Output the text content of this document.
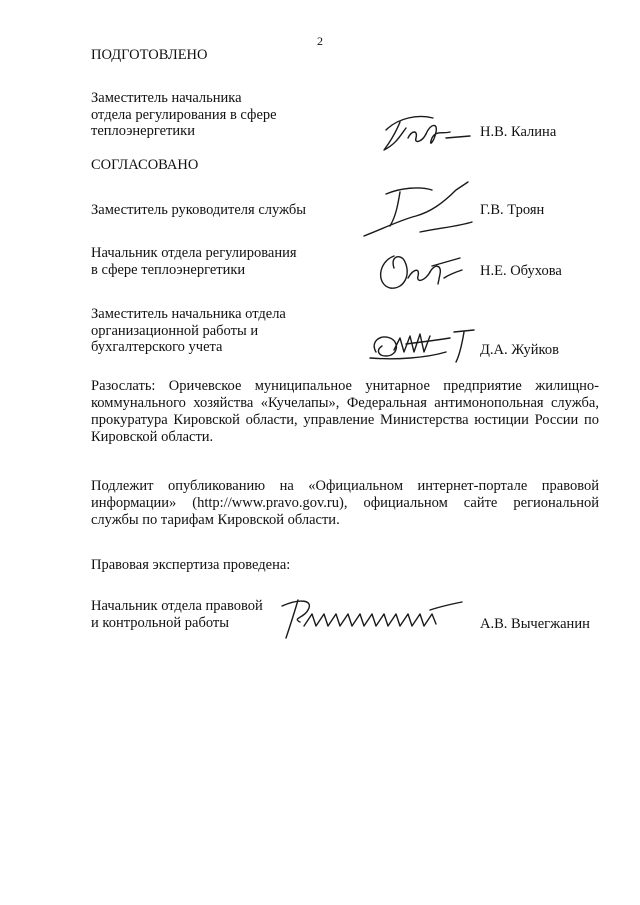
2
ПОДГОТОВЛЕНО
Заместитель начальника
отдела регулирования в сфере
теплоэнергетики	Н.В. Калина
СОГЛАСОВАНО
Заместитель руководителя службы	Г.В. Троян
Начальник отдела регулирования
в сфере теплоэнергетики	Н.Е. Обухова
Заместитель начальника отдела
организационной работы и
бухгалтерского учета	Д.А. Жуйков
Разослать: Оричевское муниципальное унитарное предприятие жилищно-коммунального хозяйства «Кучелапы», Федеральная антимонопольная служба, прокуратура Кировской области, управление Министерства юстиции России по Кировской области.
Подлежит опубликованию на «Официальном интернет-портале правовой информации» (http://www.pravo.gov.ru), официальном сайте региональной службы по тарифам Кировской области.
Правовая экспертиза проведена:
Начальник отдела правовой
и контрольной работы	А.В. Вычегжанин
